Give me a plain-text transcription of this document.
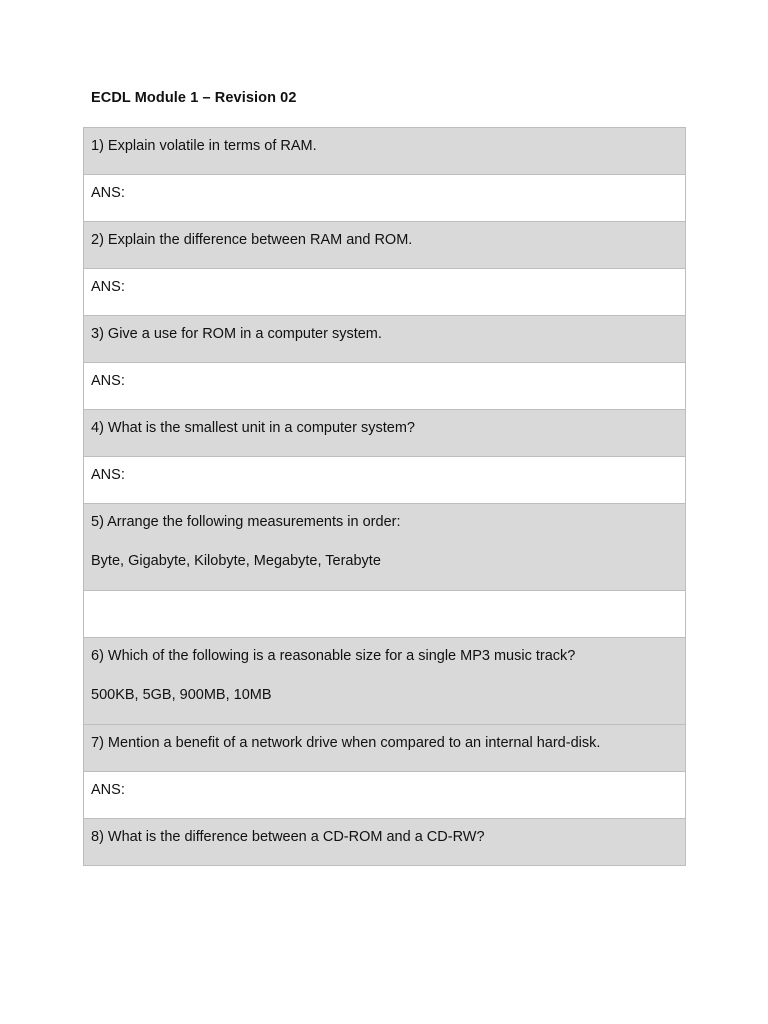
ECDL Module 1 – Revision 02
1) Explain volatile in terms of RAM.

ANS:

2) Explain the difference between RAM and ROM.

ANS:

3) Give a use for ROM in a computer system.

ANS:

4) What is the smallest unit in a computer system?

ANS:

5) Arrange the following measurements in order:
Byte, Gigabyte, Kilobyte, Megabyte, Terabyte

6) Which of the following is a reasonable size for a single MP3 music track?
500KB, 5GB, 900MB, 10MB

7) Mention a benefit of a network drive when compared to an internal hard-disk.

ANS:

8) What is the difference between a CD-ROM and a CD-RW?
